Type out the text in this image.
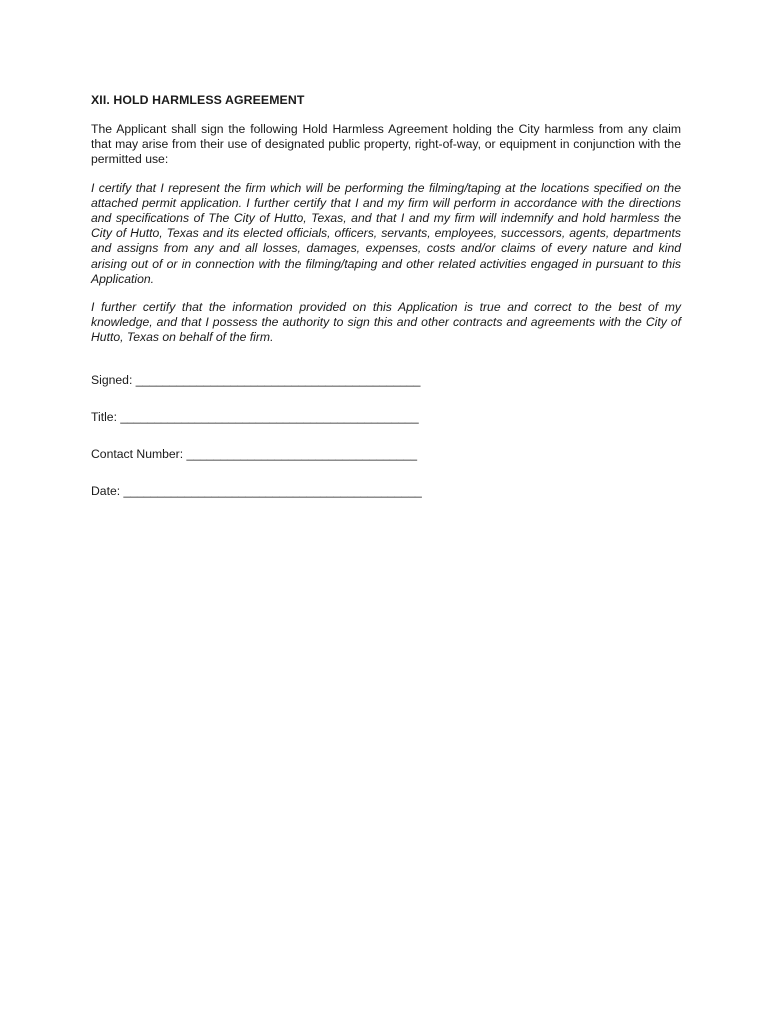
XII. HOLD HARMLESS AGREEMENT

The Applicant shall sign the following Hold Harmless Agreement holding the City harmless from any claim that may arise from their use of designated public property, right-of-way, or equipment in conjunction with the permitted use:

I certify that I represent the firm which will be performing the filming/taping at the locations specified on the attached permit application. I further certify that I and my firm will perform in accordance with the directions and specifications of The City of Hutto, Texas, and that I and my firm will indemnify and hold harmless the City of Hutto, Texas and its elected officials, officers, servants, employees, successors, agents, departments and assigns from any and all losses, damages, expenses, costs and/or claims of every nature and kind arising out of or in connection with the filming/taping and other related activities engaged in pursuant to this Application.

I further certify that the information provided on this Application is true and correct to the best of my knowledge, and that I possess the authority to sign this and other contracts and agreements with the City of Hutto, Texas on behalf of the firm.

Signed: __________________________________________
Title: ____________________________________________
Contact Number: __________________________________
Date: ____________________________________________
